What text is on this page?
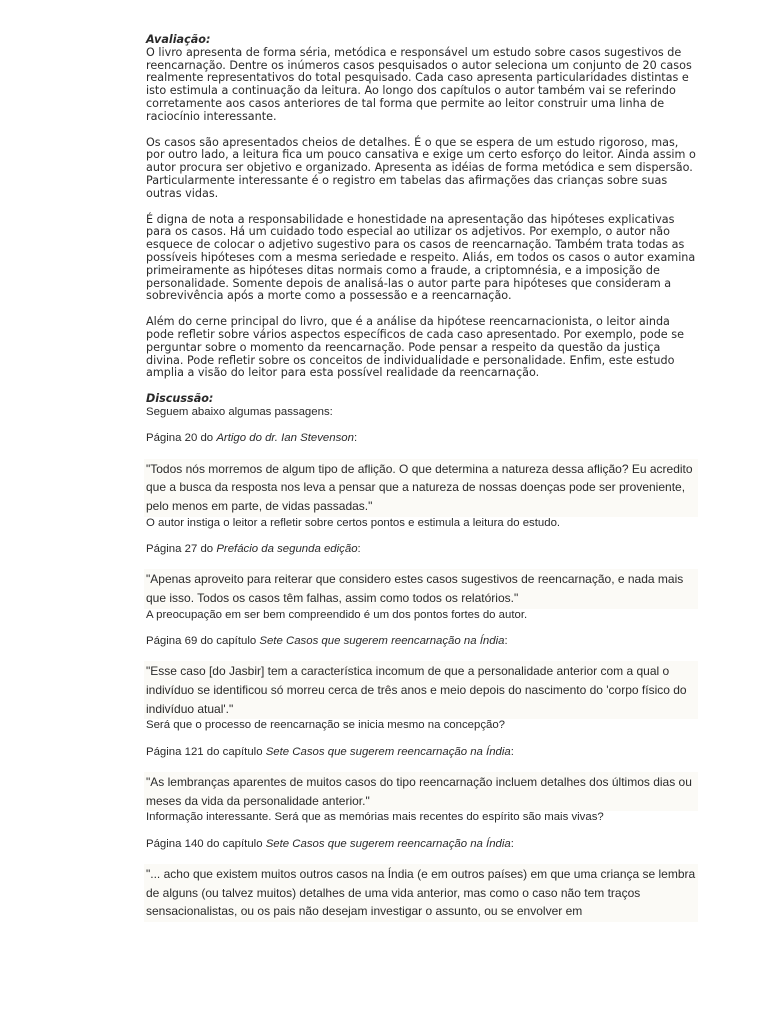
Avaliação:

O livro apresenta de forma séria, metódica e responsável um estudo sobre casos sugestivos de reencarnação. Dentre os inúmeros casos pesquisados o autor seleciona um conjunto de 20 casos realmente representativos do total pesquisado. Cada caso apresenta particularidades distintas e isto estimula a continuação da leitura. Ao longo dos capítulos o autor também vai se referindo corretamente aos casos anteriores de tal forma que permite ao leitor construir uma linha de raciocínio interessante.

Os casos são apresentados cheios de detalhes. É o que se espera de um estudo rigoroso, mas, por outro lado, a leitura fica um pouco cansativa e exige um certo esforço do leitor. Ainda assim o autor procura ser objetivo e organizado. Apresenta as idéias de forma metódica e sem dispersão. Particularmente interessante é o registro em tabelas das afirmações das crianças sobre suas outras vidas.

É digna de nota a responsabilidade e honestidade na apresentação das hipóteses explicativas para os casos. Há um cuidado todo especial ao utilizar os adjetivos. Por exemplo, o autor não esquece de colocar o adjetivo sugestivo para os casos de reencarnação. Também trata todas as possíveis hipóteses com a mesma seriedade e respeito. Aliás, em todos os casos o autor examina primeiramente as hipóteses ditas normais como a fraude, a criptomnésia, e a imposição de personalidade. Somente depois de analisá-las o autor parte para hipóteses que consideram a sobrevivência após a morte como a possessão e a reencarnação.

Além do cerne principal do livro, que é a análise da hipótese reencarnacionista, o leitor ainda pode refletir sobre vários aspectos específicos de cada caso apresentado. Por exemplo, pode se perguntar sobre o momento da reencarnação. Pode pensar a respeito da questão da justiça divina. Pode refletir sobre os conceitos de individualidade e personalidade. Enfim, este estudo amplia a visão do leitor para esta possível realidade da reencarnação.

Discussão:

Seguem abaixo algumas passagens:

Página 20 do Artigo do dr. Ian Stevenson:

"Todos nós morremos de algum tipo de aflição. O que determina a natureza dessa aflição? Eu acredito que a busca da resposta nos leva a pensar que a natureza de nossas doenças pode ser proveniente, pelo menos em parte, de vidas passadas."

O autor instiga o leitor a refletir sobre certos pontos e estimula a leitura do estudo.

Página 27 do Prefácio da segunda edição:

"Apenas aproveito para reiterar que considero estes casos sugestivos de reencarnação, e nada mais que isso. Todos os casos têm falhas, assim como todos os relatórios."

A preocupação em ser bem compreendido é um dos pontos fortes do autor.

Página 69 do capítulo Sete Casos que sugerem reencarnação na Índia:

"Esse caso [do Jasbir] tem a característica incomum de que a personalidade anterior com a qual o indivíduo se identificou só morreu cerca de três anos e meio depois do nascimento do 'corpo físico do indivíduo atual'."

Será que o processo de reencarnação se inicia mesmo na concepção?

Página 121 do capítulo Sete Casos que sugerem reencarnação na Índia:

"As lembranças aparentes de muitos casos do tipo reencarnação incluem detalhes dos últimos dias ou meses da vida da personalidade anterior."

Informação interessante. Será que as memórias mais recentes do espírito são mais vivas?

Página 140 do capítulo Sete Casos que sugerem reencarnação na Índia:

"... acho que existem muitos outros casos na Índia (e em outros países) em que uma criança se lembra de alguns (ou talvez muitos) detalhes de uma vida anterior, mas como o caso não tem traços sensacionalistas, ou os pais não desejam investigar o assunto, ou se envolver em
